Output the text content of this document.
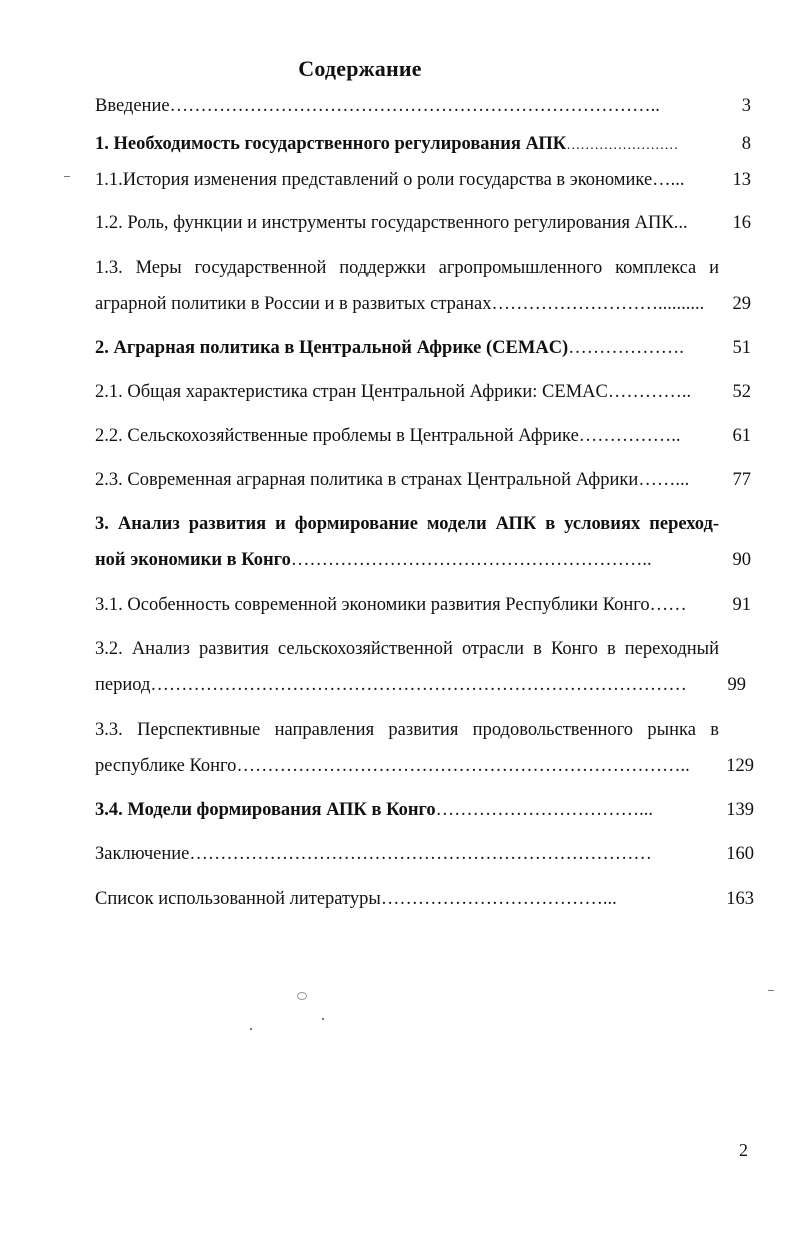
Содержание
Введение……………………………………………………………………..	3
1. Необходимость государственного регулирования АПК……………………	8
1.1.История изменения представлений о роли государства в экономике…...	13
1.2. Роль, функции и инструменты государственного регулирования АПК... 16
1.3. Меры государственной поддержки агропромышленного комплекса и
аграрной политики в России и в развитых странах……………………….......... 29
2. Аграрная политика в Центральной Африке (CEMAC)……………….	51
2.1. Общая характеристика стран Центральной Африки: CEMAC………….. 52
2.2. Сельскохозяйственные проблемы в Центральной Африке……………..	61
2.3. Современная аграрная политика в странах Центральной Африки……... 77
3. Анализ развития и формирование модели АПК в условиях переход-
ной экономики в Конго…………………………………………………..	90
3.1. Особенность современной экономики развития Республики Конго…… 91
3.2. Анализ развития сельскохозяйственной отрасли в Конго в переходный
период…………………………………………………………………………… 99
3.3. Перспективные направления развития продовольственного рынка в
республике Конго……………………………………………………………….. 129
3.4. Модели формирования АПК в Конго……………………………...	139
Заключение…………………………………………………………………	160
Список использованной литературы………………………………...	163
2
